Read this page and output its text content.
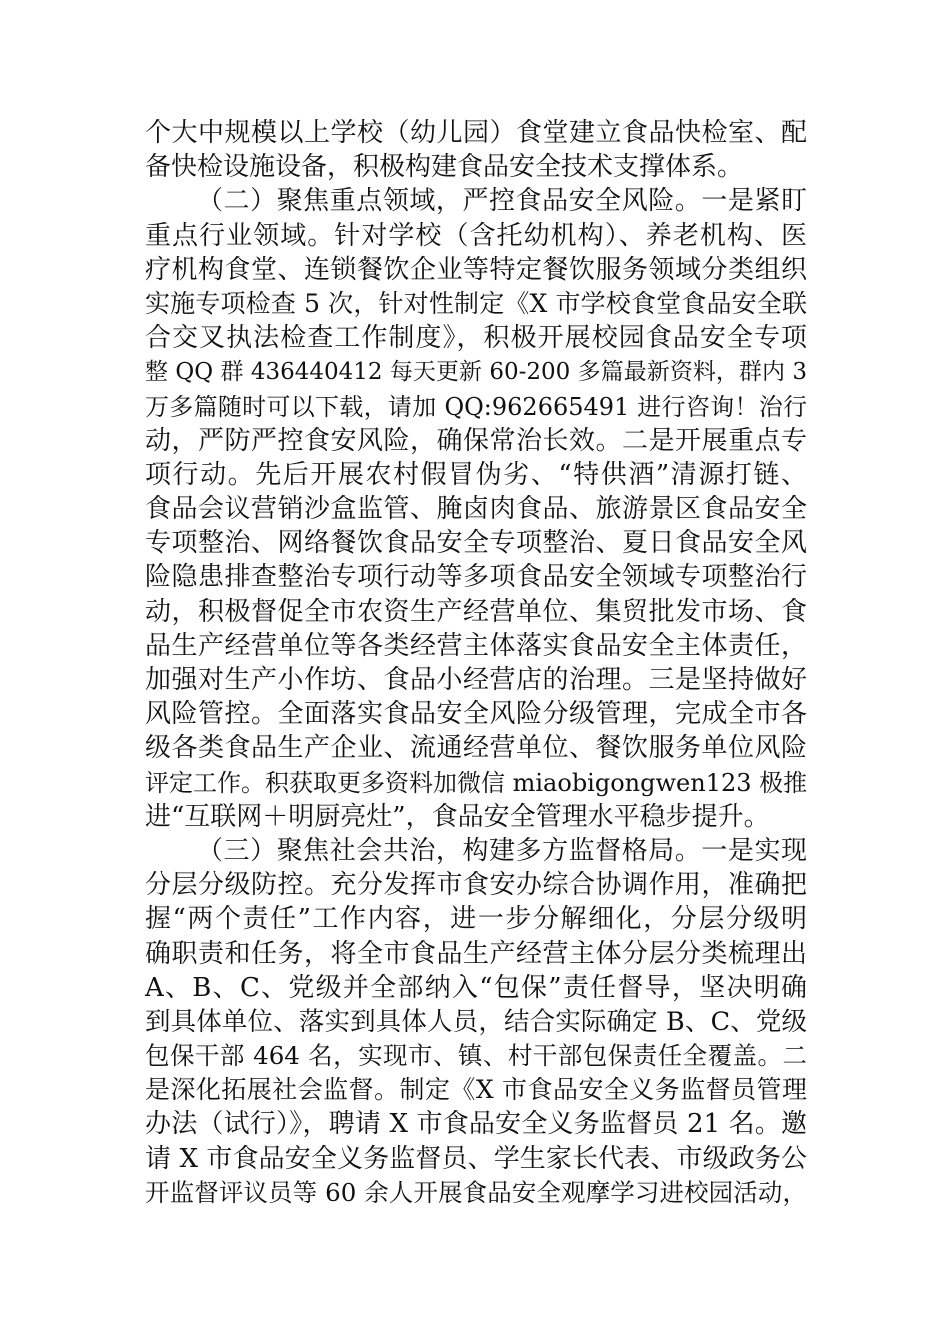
个大中规模以上学校（幼儿园）食堂建立食品快检室、配
备快检设施设备，积极构建食品安全技术支撑体系。
（二）聚焦重点领域，严控食品安全风险。一是紧盯
重点行业领域。针对学校（含托幼机构）、养老机构、医
疗机构食堂、连锁餐饮企业等特定餐饮服务领域分类组织
实施专项检查 5 次，针对性制定《X 市学校食堂食品安全联
合交叉执法检查工作制度》，积极开展校园食品安全专项
整 QQ 群 436440412 每天更新 60-200 多篇最新资料，群内 3
万多篇随时可以下载，请加 QQ:962665491 进行咨询！治行
动，严防严控食安风险，确保常治长效。二是开展重点专
项行动。先后开展农村假冒伪劣、“特供酒”清源打链、
食品会议营销沙盒监管、腌卤肉食品、旅游景区食品安全
专项整治、网络餐饮食品安全专项整治、夏日食品安全风
险隐患排查整治专项行动等多项食品安全领域专项整治行
动，积极督促全市农资生产经营单位、集贸批发市场、食
品生产经营单位等各类经营主体落实食品安全主体责任，
加强对生产小作坊、食品小经营店的治理。三是坚持做好
风险管控。全面落实食品安全风险分级管理，完成全市各
级各类食品生产企业、流通经营单位、餐饮服务单位风险
评定工作。积获取更多资料加微信 miaobigongwen123 极推
进“互联网＋明厨亮灶”，食品安全管理水平稳步提升。
（三）聚焦社会共治，构建多方监督格局。一是实现
分层分级防控。充分发挥市食安办综合协调作用，准确把
握“两个责任”工作内容，进一步分解细化，分层分级明
确职责和任务，将全市食品生产经营主体分层分类梳理出
A、B、C、党级并全部纳入“包保”责任督导，坚决明确
到具体单位、落实到具体人员，结合实际确定 B、C、党级
包保干部 464 名，实现市、镇、村干部包保责任全覆盖。二
是深化拓展社会监督。制定《X 市食品安全义务监督员管理
办法（试行）》，聘请 X 市食品安全义务监督员 21 名。邀
请 X 市食品安全义务监督员、学生家长代表、市级政务公
开监督评议员等 60 余人开展食品安全观摩学习进校园活动，
